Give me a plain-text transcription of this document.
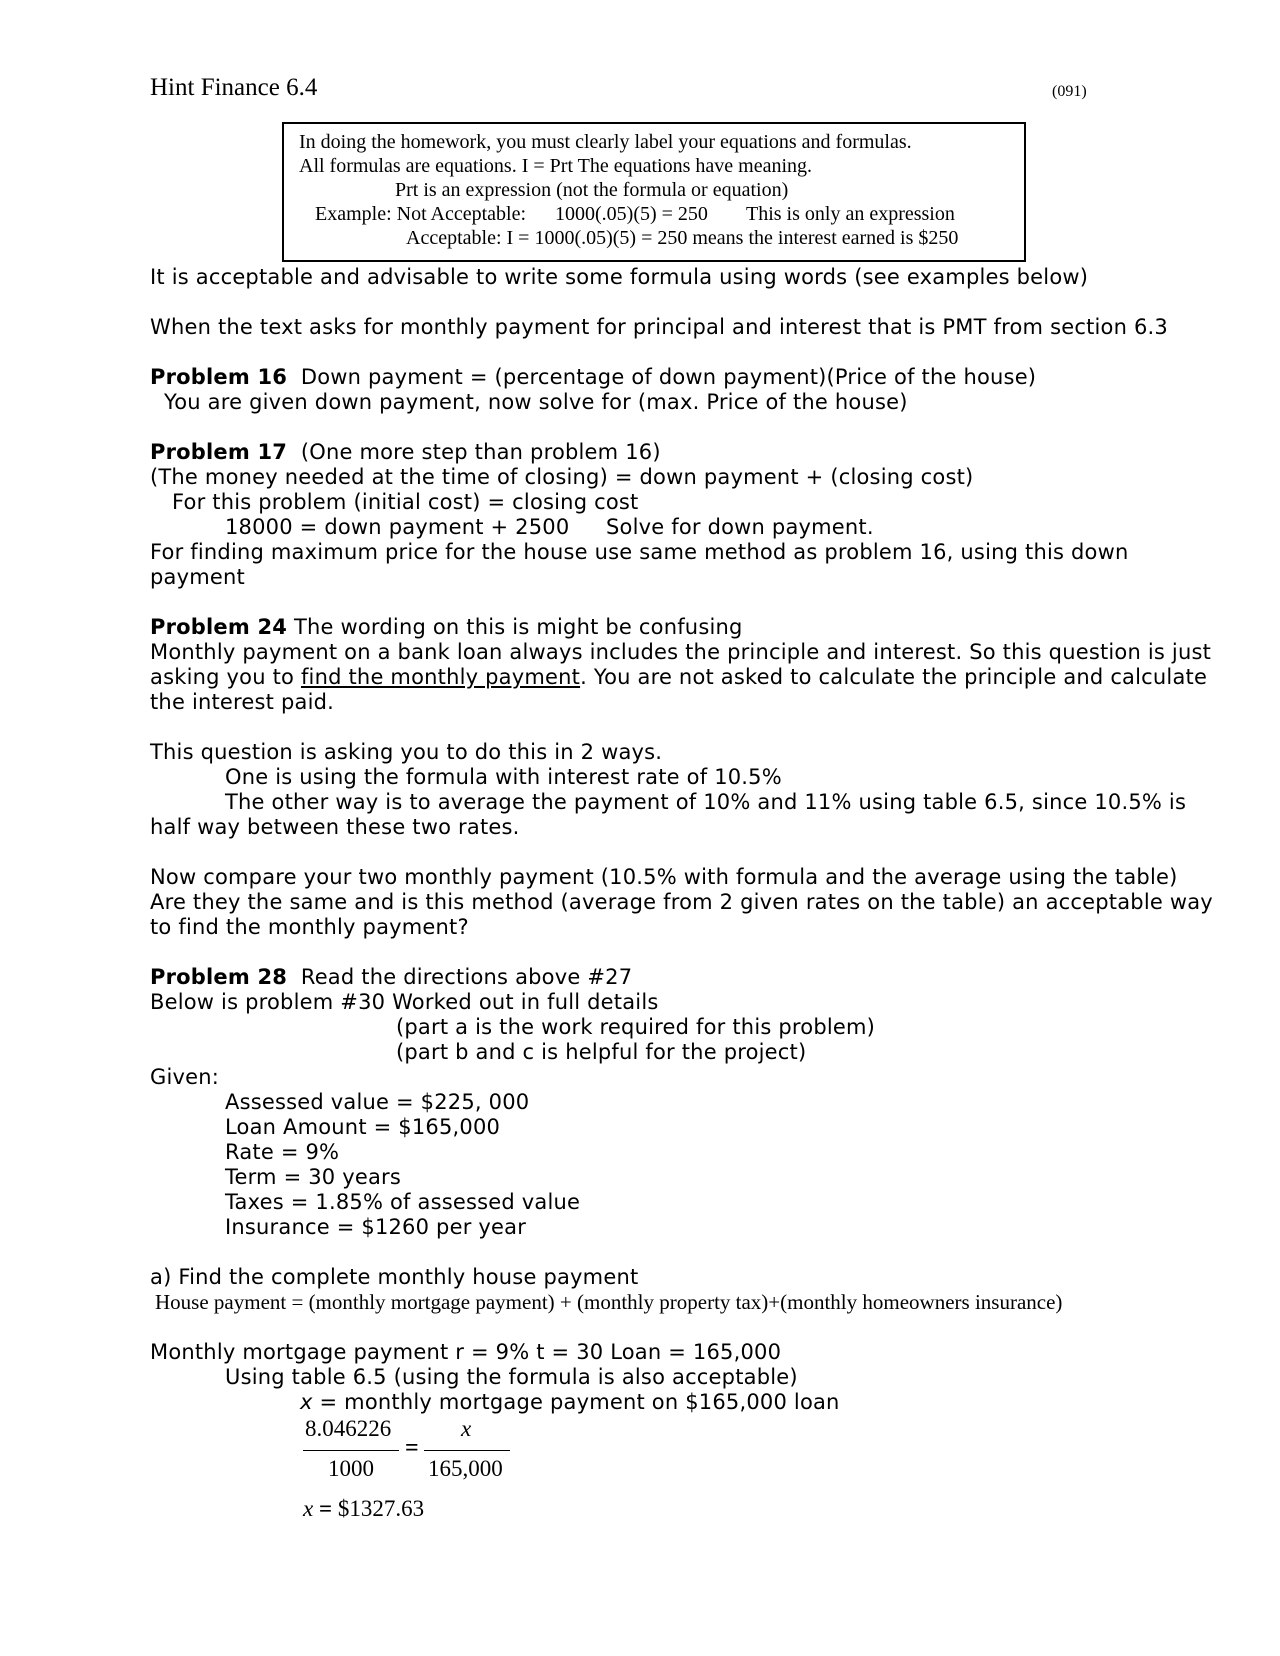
Hint Finance 6.4	(091)
In doing the homework, you must clearly label your equations and formulas.
All formulas are equations. I = Prt The equations have meaning.
Prt is an expression (not the formula or equation)
Example: Not Acceptable: 1000(.05)(5) = 250 This is only an expression
Acceptable: I = 1000(.05)(5) = 250 means the interest earned is $250
It is acceptable and advisable to write some formula using words (see examples below)
When the text asks for monthly payment for principal and interest that is PMT from section 6.3
Problem 16 Down payment = (percentage of down payment)(Price of the house)
You are given down payment, now solve for (max. Price of the house)
Problem 17 (One more step than problem 16)
(The money needed at the time of closing) = down payment + (closing cost)
For this problem (initial cost) = closing cost
18000 = down payment + 2500 Solve for down payment.
For finding maximum price for the house use same method as problem 16, using this down
payment
Problem 24 The wording on this is might be confusing
Monthly payment on a bank loan always includes the principle and interest. So this question is just
asking you to find the monthly payment. You are not asked to calculate the principle and calculate
the interest paid.
This question is asking you to do this in 2 ways.
One is using the formula with interest rate of 10.5%
The other way is to average the payment of 10% and 11% using table 6.5, since 10.5% is
half way between these two rates.
Now compare your two monthly payment (10.5% with formula and the average using the table)
Are they the same and is this method (average from 2 given rates on the table) an acceptable way
to find the monthly payment?
Problem 28 Read the directions above #27
Below is problem #30 Worked out in full details
(part a is the work required for this problem)
(part b and c is helpful for the project)
Given:
Assessed value = $225, 000
Loan Amount = $165,000
Rate = 9%
Term = 30 years
Taxes = 1.85% of assessed value
Insurance = $1260 per year
a) Find the complete monthly house payment
House payment = (monthly mortgage payment) + (monthly property tax)+(monthly homeowners insurance)
Monthly mortgage payment r = 9% t = 30 Loan = 165,000
Using table 6.5 (using the formula is also acceptable)
x = monthly mortgage payment on $165,000 loan
8.046226
1000
=
x
165,000
x = $1327.63
